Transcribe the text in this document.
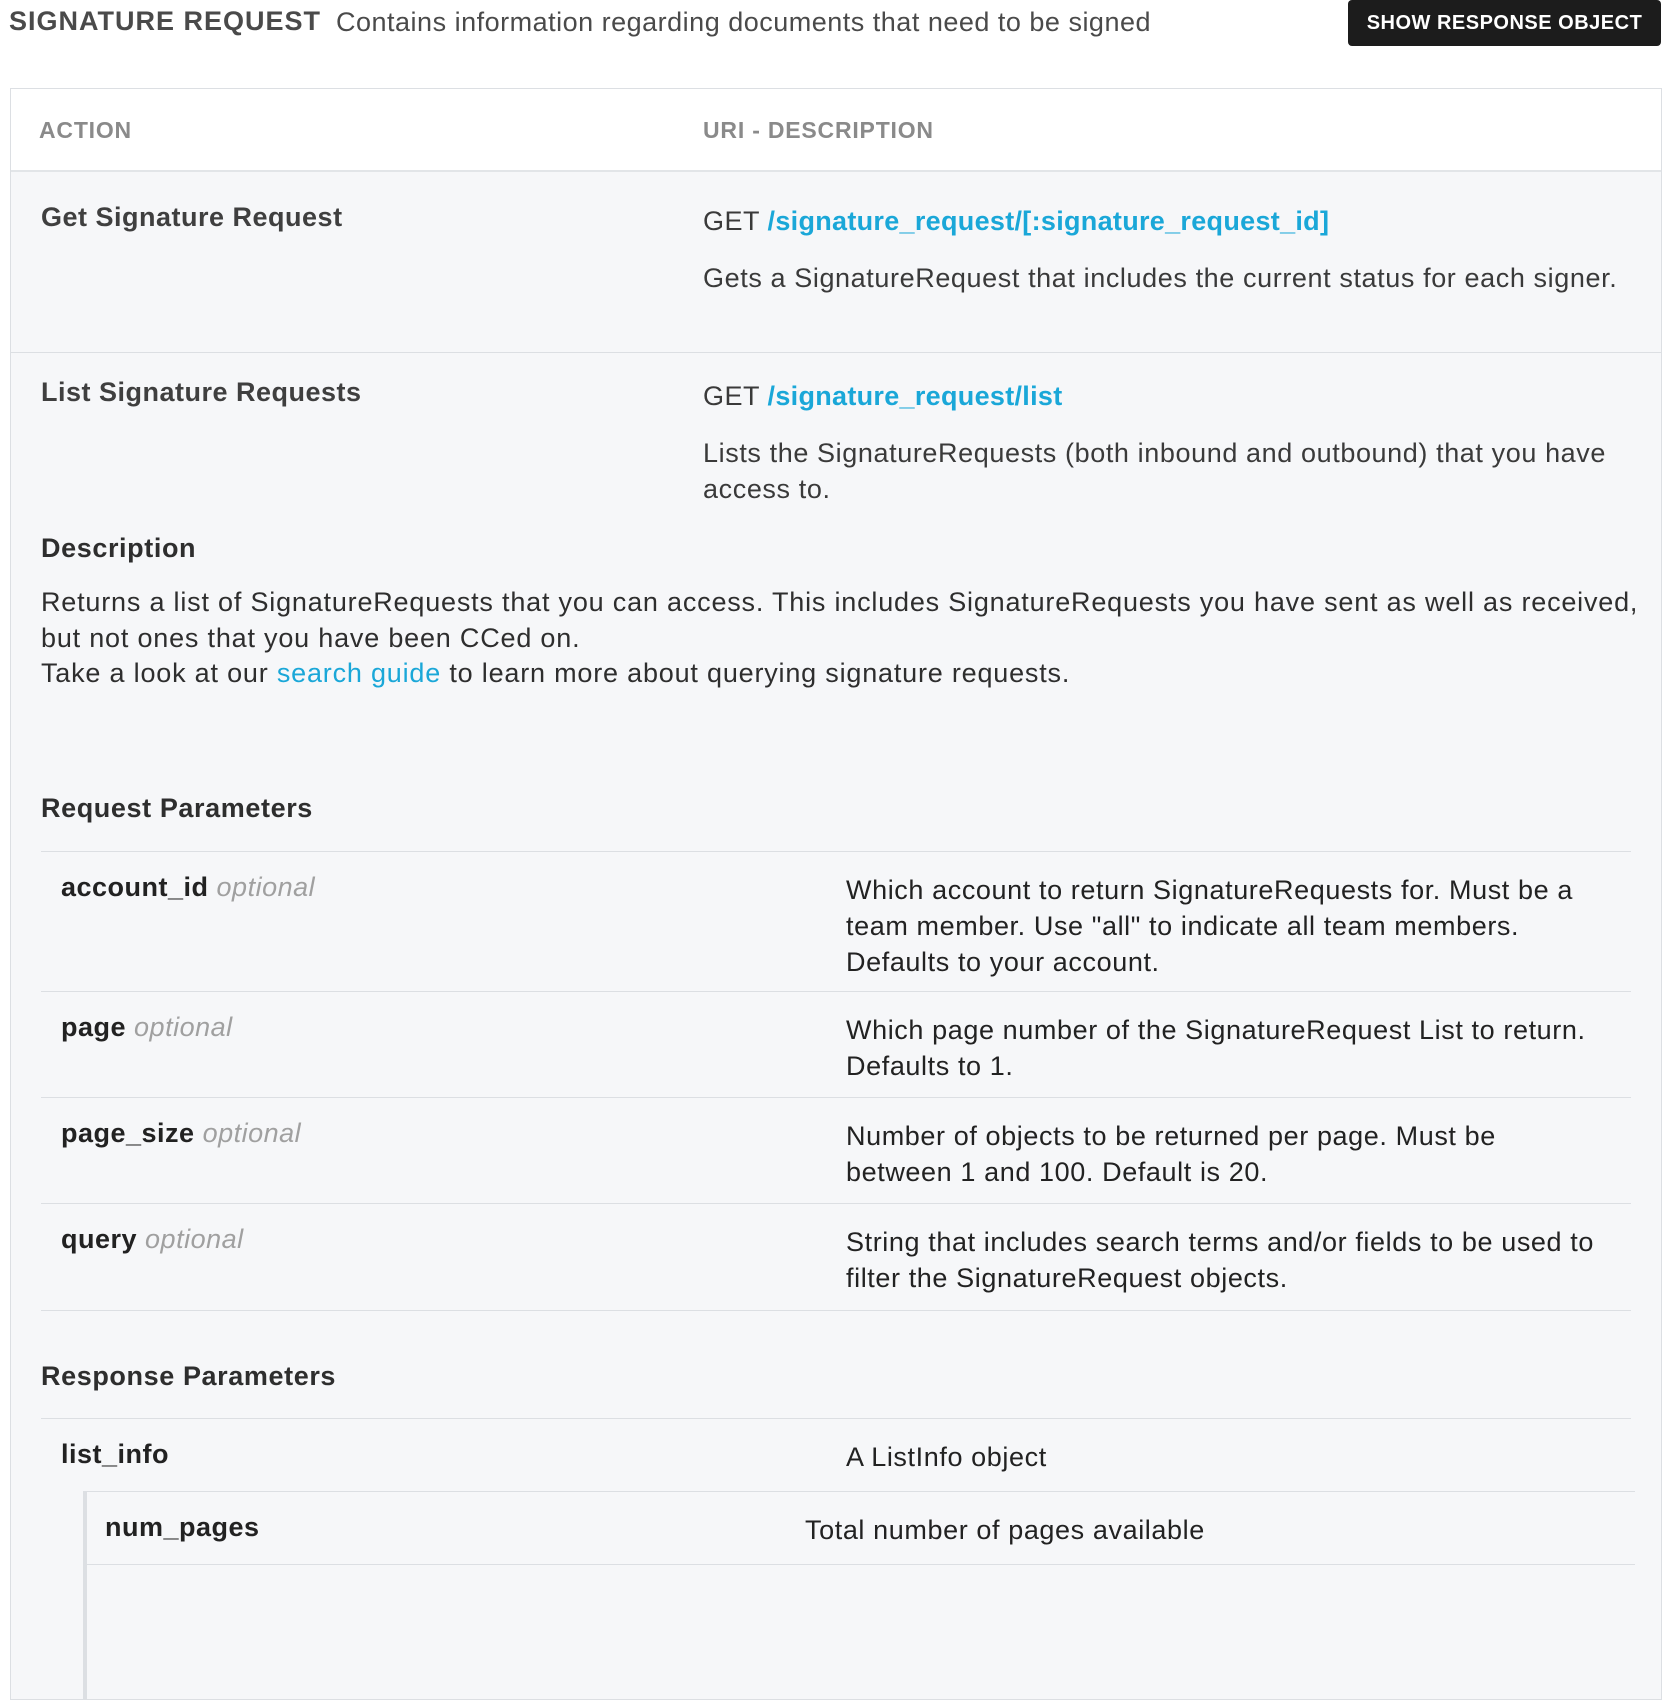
SIGNATURE REQUEST Contains information regarding documents that need to be signed	SHOW RESPONSE OBJECT
ACTION	URI - DESCRIPTION
Get Signature Request	GET /signature_request/[:signature_request_id]
Gets a SignatureRequest that includes the current status for each signer.
List Signature Requests	GET /signature_request/list
Lists the SignatureRequests (both inbound and outbound) that you have access to.
Description
Returns a list of SignatureRequests that you can access. This includes SignatureRequests you have sent as well as received, but not ones that you have been CCed on.
Take a look at our search guide to learn more about querying signature requests.
Request Parameters
account_id optional	Which account to return SignatureRequests for. Must be a team member. Use "all" to indicate all team members. Defaults to your account.
page optional	Which page number of the SignatureRequest List to return. Defaults to 1.
page_size optional	Number of objects to be returned per page. Must be between 1 and 100. Default is 20.
query optional	String that includes search terms and/or fields to be used to filter the SignatureRequest objects.
Response Parameters
list_info	A ListInfo object
num_pages	Total number of pages available
